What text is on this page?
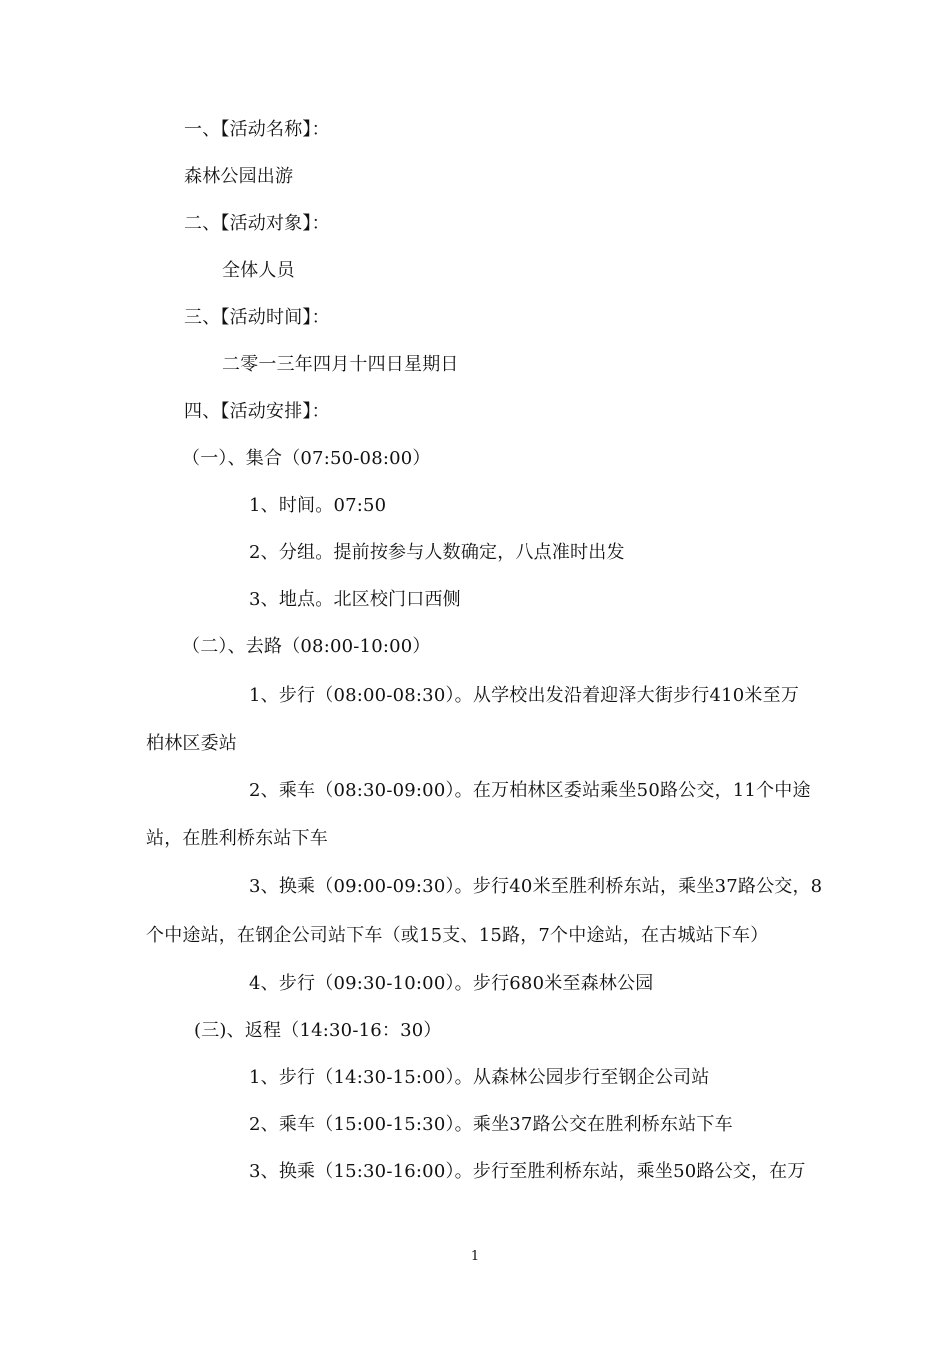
一、【活动名称】：
森林公园出游
二、【活动对象】：
全体人员
三、【活动时间】：
二零一三年四月十四日星期日
四、【活动安排】：
（一）、集合（07:50-08:00）
1、时间。07:50
2、分组。提前按参与人数确定，八点准时出发
3、地点。北区校门口西侧
（二）、去路（08:00-10:00）
1、步行（08:00-08:30）。从学校出发沿着迎泽大街步行410米至万
柏林区委站
2、乘车（08:30-09:00）。在万柏林区委站乘坐50路公交，11个中途
站，在胜利桥东站下车
3、换乘（09:00-09:30）。步行40米至胜利桥东站，乘坐37路公交，8
个中途站，在钢企公司站下车（或15支、15路，7个中途站，在古城站下车）
4、步行（09:30-10:00）。步行680米至森林公园
(三)、返程（14:30-16：30）
1、步行（14:30-15:00）。从森林公园步行至钢企公司站
2、乘车（15:00-15:30）。乘坐37路公交在胜利桥东站下车
3、换乘（15:30-16:00）。步行至胜利桥东站，乘坐50路公交，在万
1
